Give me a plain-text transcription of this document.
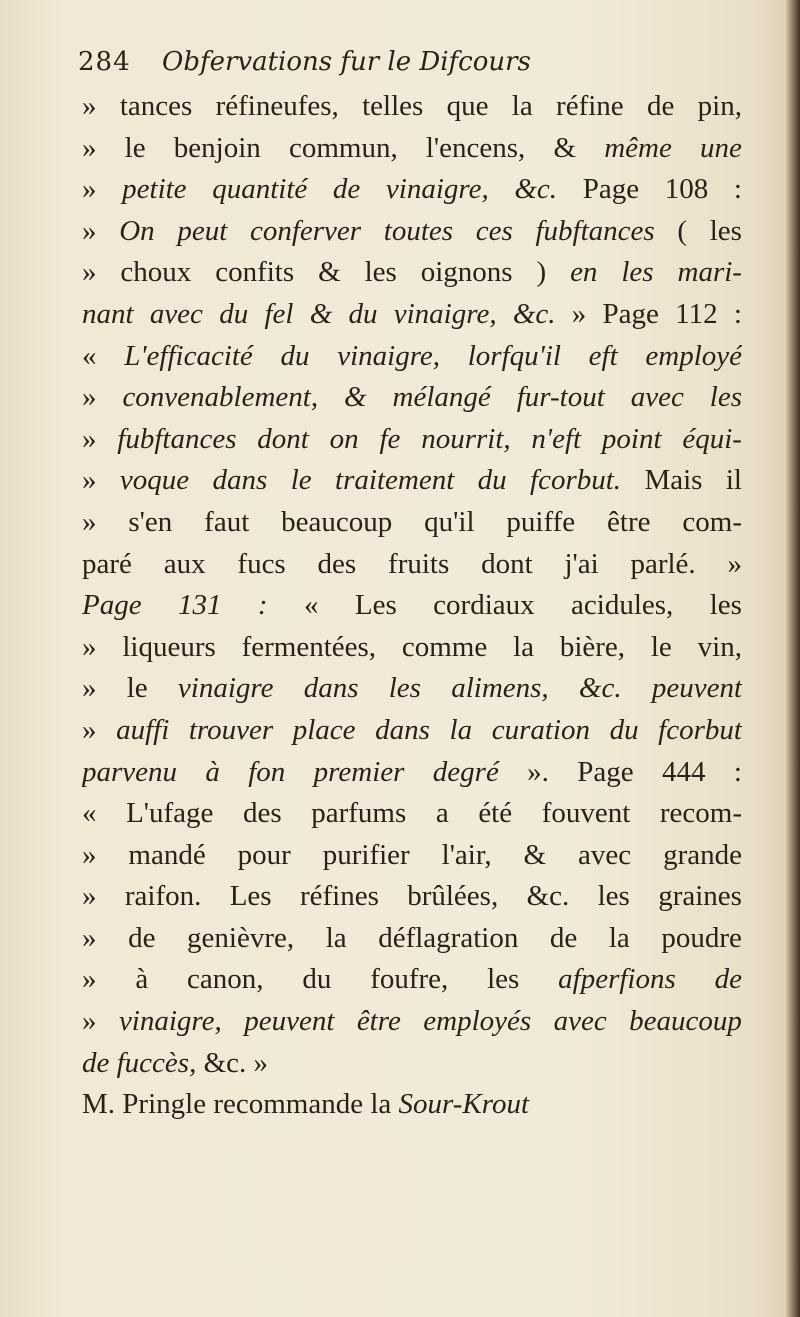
284 Obfervations fur le Difcours
» tances réfineufes, telles que la réfine de pin,
» le benjoin commun, l'encens, & même une
» petite quantité de vinaigre, &c. Page 108 :
» On peut conferver toutes ces fubftances ( les
» choux confits & les oignons ) en les mari-
nant avec du fel & du vinaigre, &c. » Page 112 :
« L'efficacité du vinaigre, lorfqu'il eft employé
» convenablement, & mélangé fur-tout avec les
» fubftances dont on fe nourrit, n'eft point équi-
» voque dans le traitement du fcorbut. Mais il
» s'en faut beaucoup qu'il puiffe être com-
paré aux fucs des fruits dont j'ai parlé. »
Page 131 : « Les cordiaux acidules, les
» liqueurs fermentées, comme la bière, le vin,
» le vinaigre dans les alimens, &c. peuvent
» auffi trouver place dans la curation du fcorbut
parvenu à fon premier degré ». Page 444 :
« L'ufage des parfums a été fouvent recom-
» mandé pour purifier l'air, & avec grande
» raifon. Les réfines brûlées, &c. les graines
» de genièvre, la déflagration de la poudre
» à canon, du foufre, les afperfions de
» vinaigre, peuvent être employés avec beaucoup
de fuccès, &c. »
M. Pringle recommande la Sour-Krout
